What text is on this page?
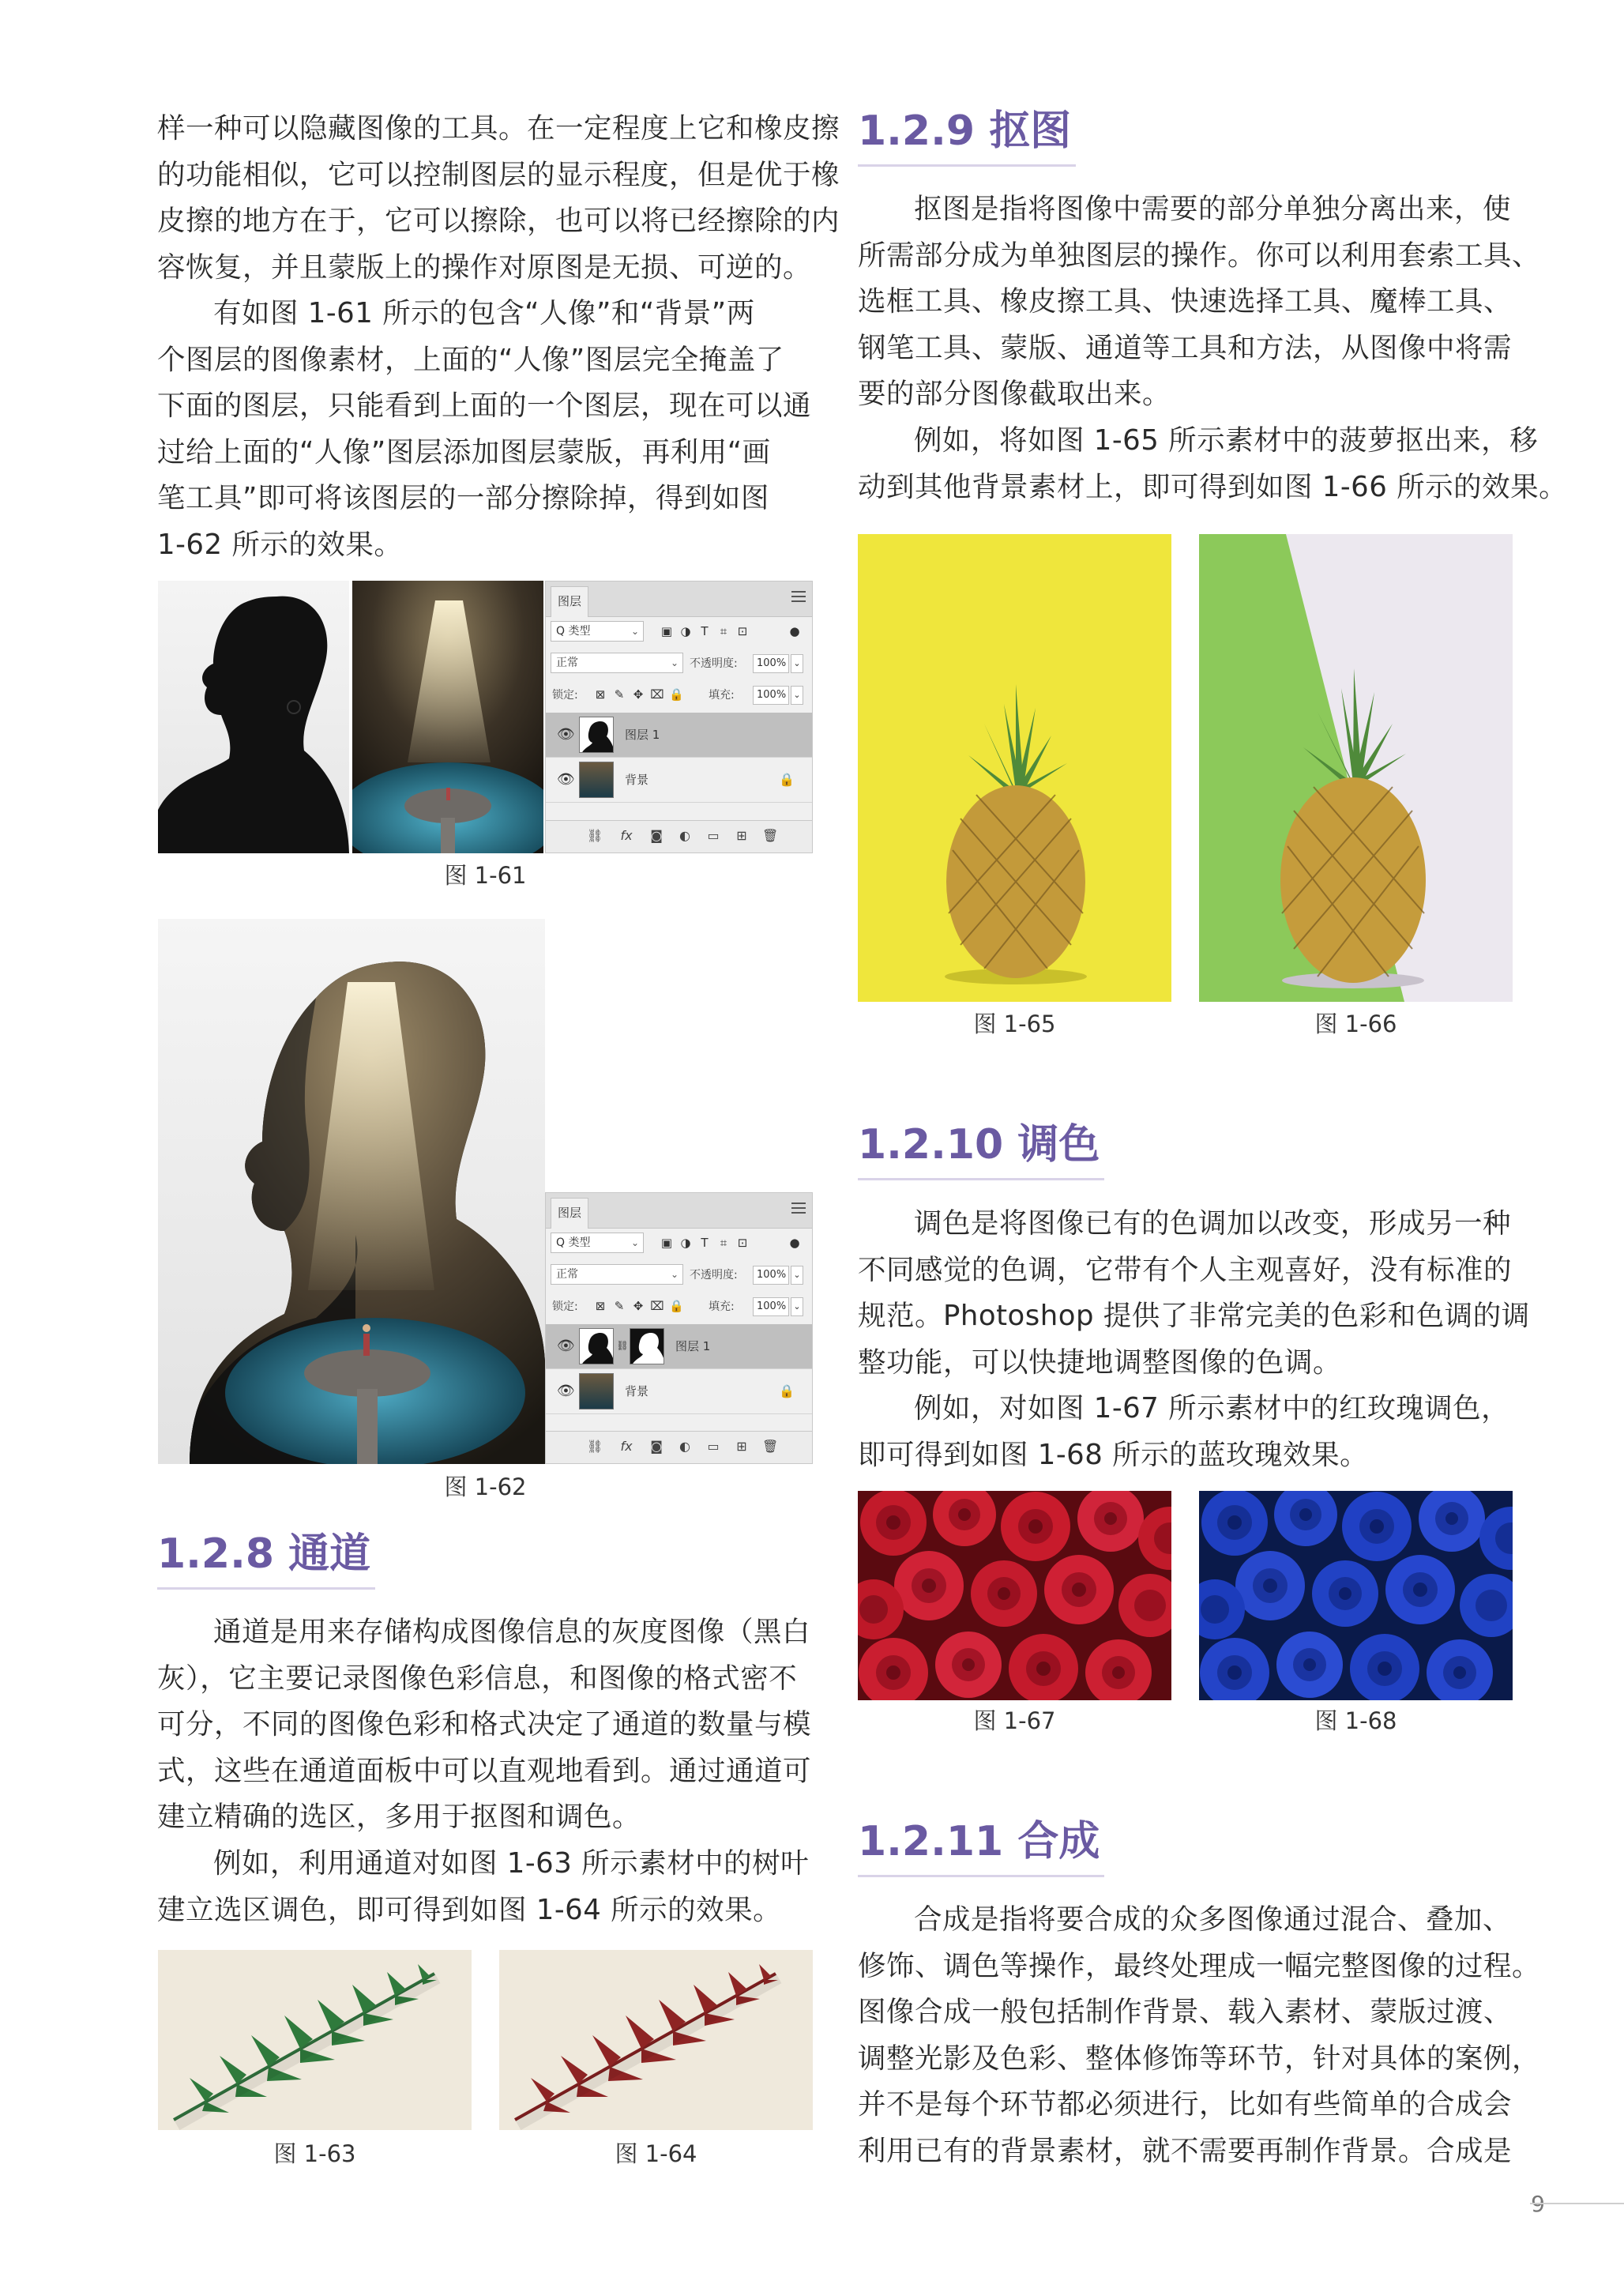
样一种可以隐藏图像的工具。在一定程度上它和橡皮擦
的功能相似，它可以控制图层的显示程度，但是优于橡
皮擦的地方在于，它可以擦除，也可以将已经擦除的内
容恢复，并且蒙版上的操作对原图是无损、可逆的。
有如图 1-61 所示的包含“人像”和“背景”两
个图层的图像素材，上面的“人像”图层完全掩盖了
下面的图层，只能看到上面的一个图层，现在可以通
过给上面的“人像”图层添加图层蒙版，再利用“画
笔工具”即可将该图层的一部分擦除掉，得到如图
1-62 所示的效果。
图层
Q 类型	⌄ ▣ ◑ T	⌗ ⊡	●
正常	⌄ 不透明度:	100% ⌄
锁定: ⊠ ✎ ✥ ⌧ 🔒 填充:	100% ⌄
👁	图层 1
👁	背景	🔒
⛓ fx ◙ ◐ ▭ ⊞ 🗑
图 1-61
图层
Q 类型	⌄ ▣ ◑ T	⌗ ⊡	●
正常	⌄ 不透明度:	100% ⌄
锁定: ⊠ ✎ ✥ ⌧ 🔒 填充:	100% ⌄
👁	⛓	图层 1
👁	背景	🔒
⛓ fx ◙ ◐ ▭ ⊞ 🗑
图 1-62
1.2.8 通道
通道是用来存储构成图像信息的灰度图像（黑白
灰），它主要记录图像色彩信息，和图像的格式密不
可分，不同的图像色彩和格式决定了通道的数量与模
式，这些在通道面板中可以直观地看到。通过通道可
建立精确的选区，多用于抠图和调色。
例如，利用通道对如图 1-63 所示素材中的树叶
建立选区调色，即可得到如图 1-64 所示的效果。
图 1-63	图 1-64
1.2.9 抠图
抠图是指将图像中需要的部分单独分离出来，使
所需部分成为单独图层的操作。你可以利用套索工具、
选框工具、橡皮擦工具、快速选择工具、魔棒工具、
钢笔工具、蒙版、通道等工具和方法，从图像中将需
要的部分图像截取出来。
例如，将如图 1-65 所示素材中的菠萝抠出来，移
动到其他背景素材上，即可得到如图 1-66 所示的效果。
图 1-65	图 1-66
1.2.10 调色
调色是将图像已有的色调加以改变，形成另一种
不同感觉的色调，它带有个人主观喜好，没有标准的
规范。Photoshop 提供了非常完美的色彩和色调的调
整功能，可以快捷地调整图像的色调。
例如，对如图 1-67 所示素材中的红玫瑰调色，
即可得到如图 1-68 所示的蓝玫瑰效果。
图 1-67	图 1-68
1.2.11 合成
合成是指将要合成的众多图像通过混合、叠加、
修饰、调色等操作，最终处理成一幅完整图像的过程。
图像合成一般包括制作背景、载入素材、蒙版过渡、
调整光影及色彩、整体修饰等环节，针对具体的案例，
并不是每个环节都必须进行，比如有些简单的合成会
利用已有的背景素材，就不需要再制作背景。合成是
